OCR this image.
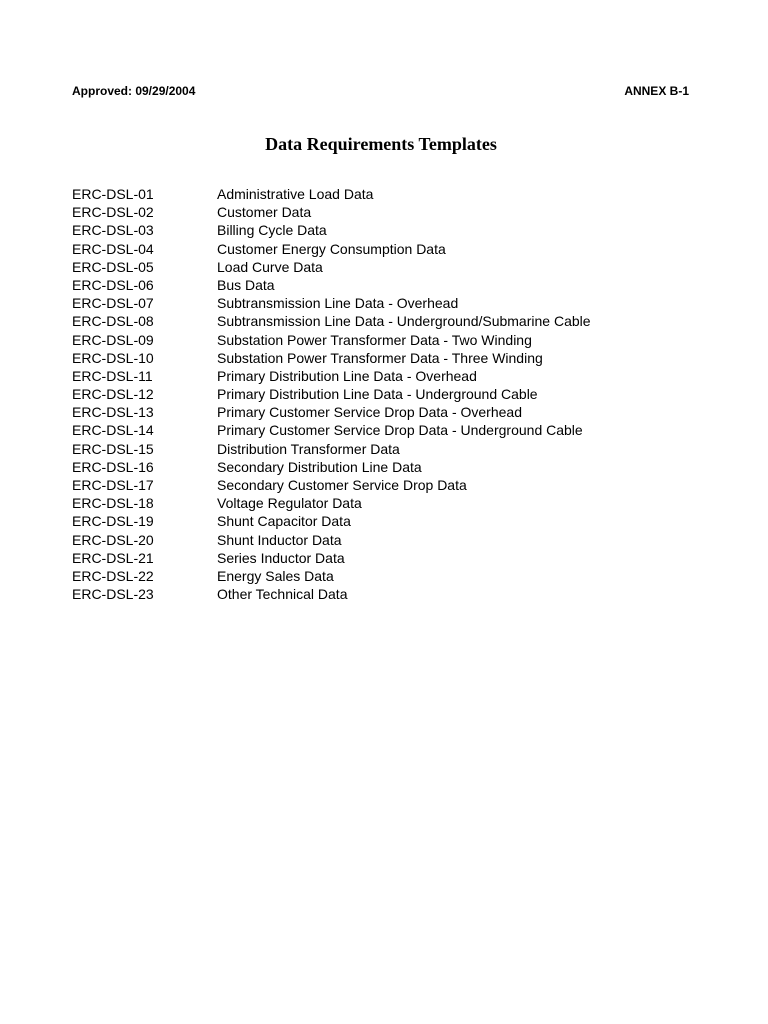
Approved: 09/29/2004	ANNEX B-1
Data Requirements Templates
ERC-DSL-01	Administrative Load Data
ERC-DSL-02	Customer Data
ERC-DSL-03	Billing Cycle Data
ERC-DSL-04	Customer Energy Consumption Data
ERC-DSL-05	Load Curve Data
ERC-DSL-06	Bus Data
ERC-DSL-07	Subtransmission Line Data - Overhead
ERC-DSL-08	Subtransmission Line Data - Underground/Submarine Cable
ERC-DSL-09	Substation Power Transformer Data - Two Winding
ERC-DSL-10	Substation Power Transformer Data - Three Winding
ERC-DSL-11	Primary Distribution Line Data - Overhead
ERC-DSL-12	Primary Distribution Line Data - Underground Cable
ERC-DSL-13	Primary Customer Service Drop Data - Overhead
ERC-DSL-14	Primary Customer Service Drop Data - Underground Cable
ERC-DSL-15	Distribution Transformer Data
ERC-DSL-16	Secondary Distribution Line Data
ERC-DSL-17	Secondary Customer Service Drop Data
ERC-DSL-18	Voltage Regulator Data
ERC-DSL-19	Shunt Capacitor Data
ERC-DSL-20	Shunt Inductor Data
ERC-DSL-21	Series Inductor Data
ERC-DSL-22	Energy Sales Data
ERC-DSL-23	Other Technical Data
